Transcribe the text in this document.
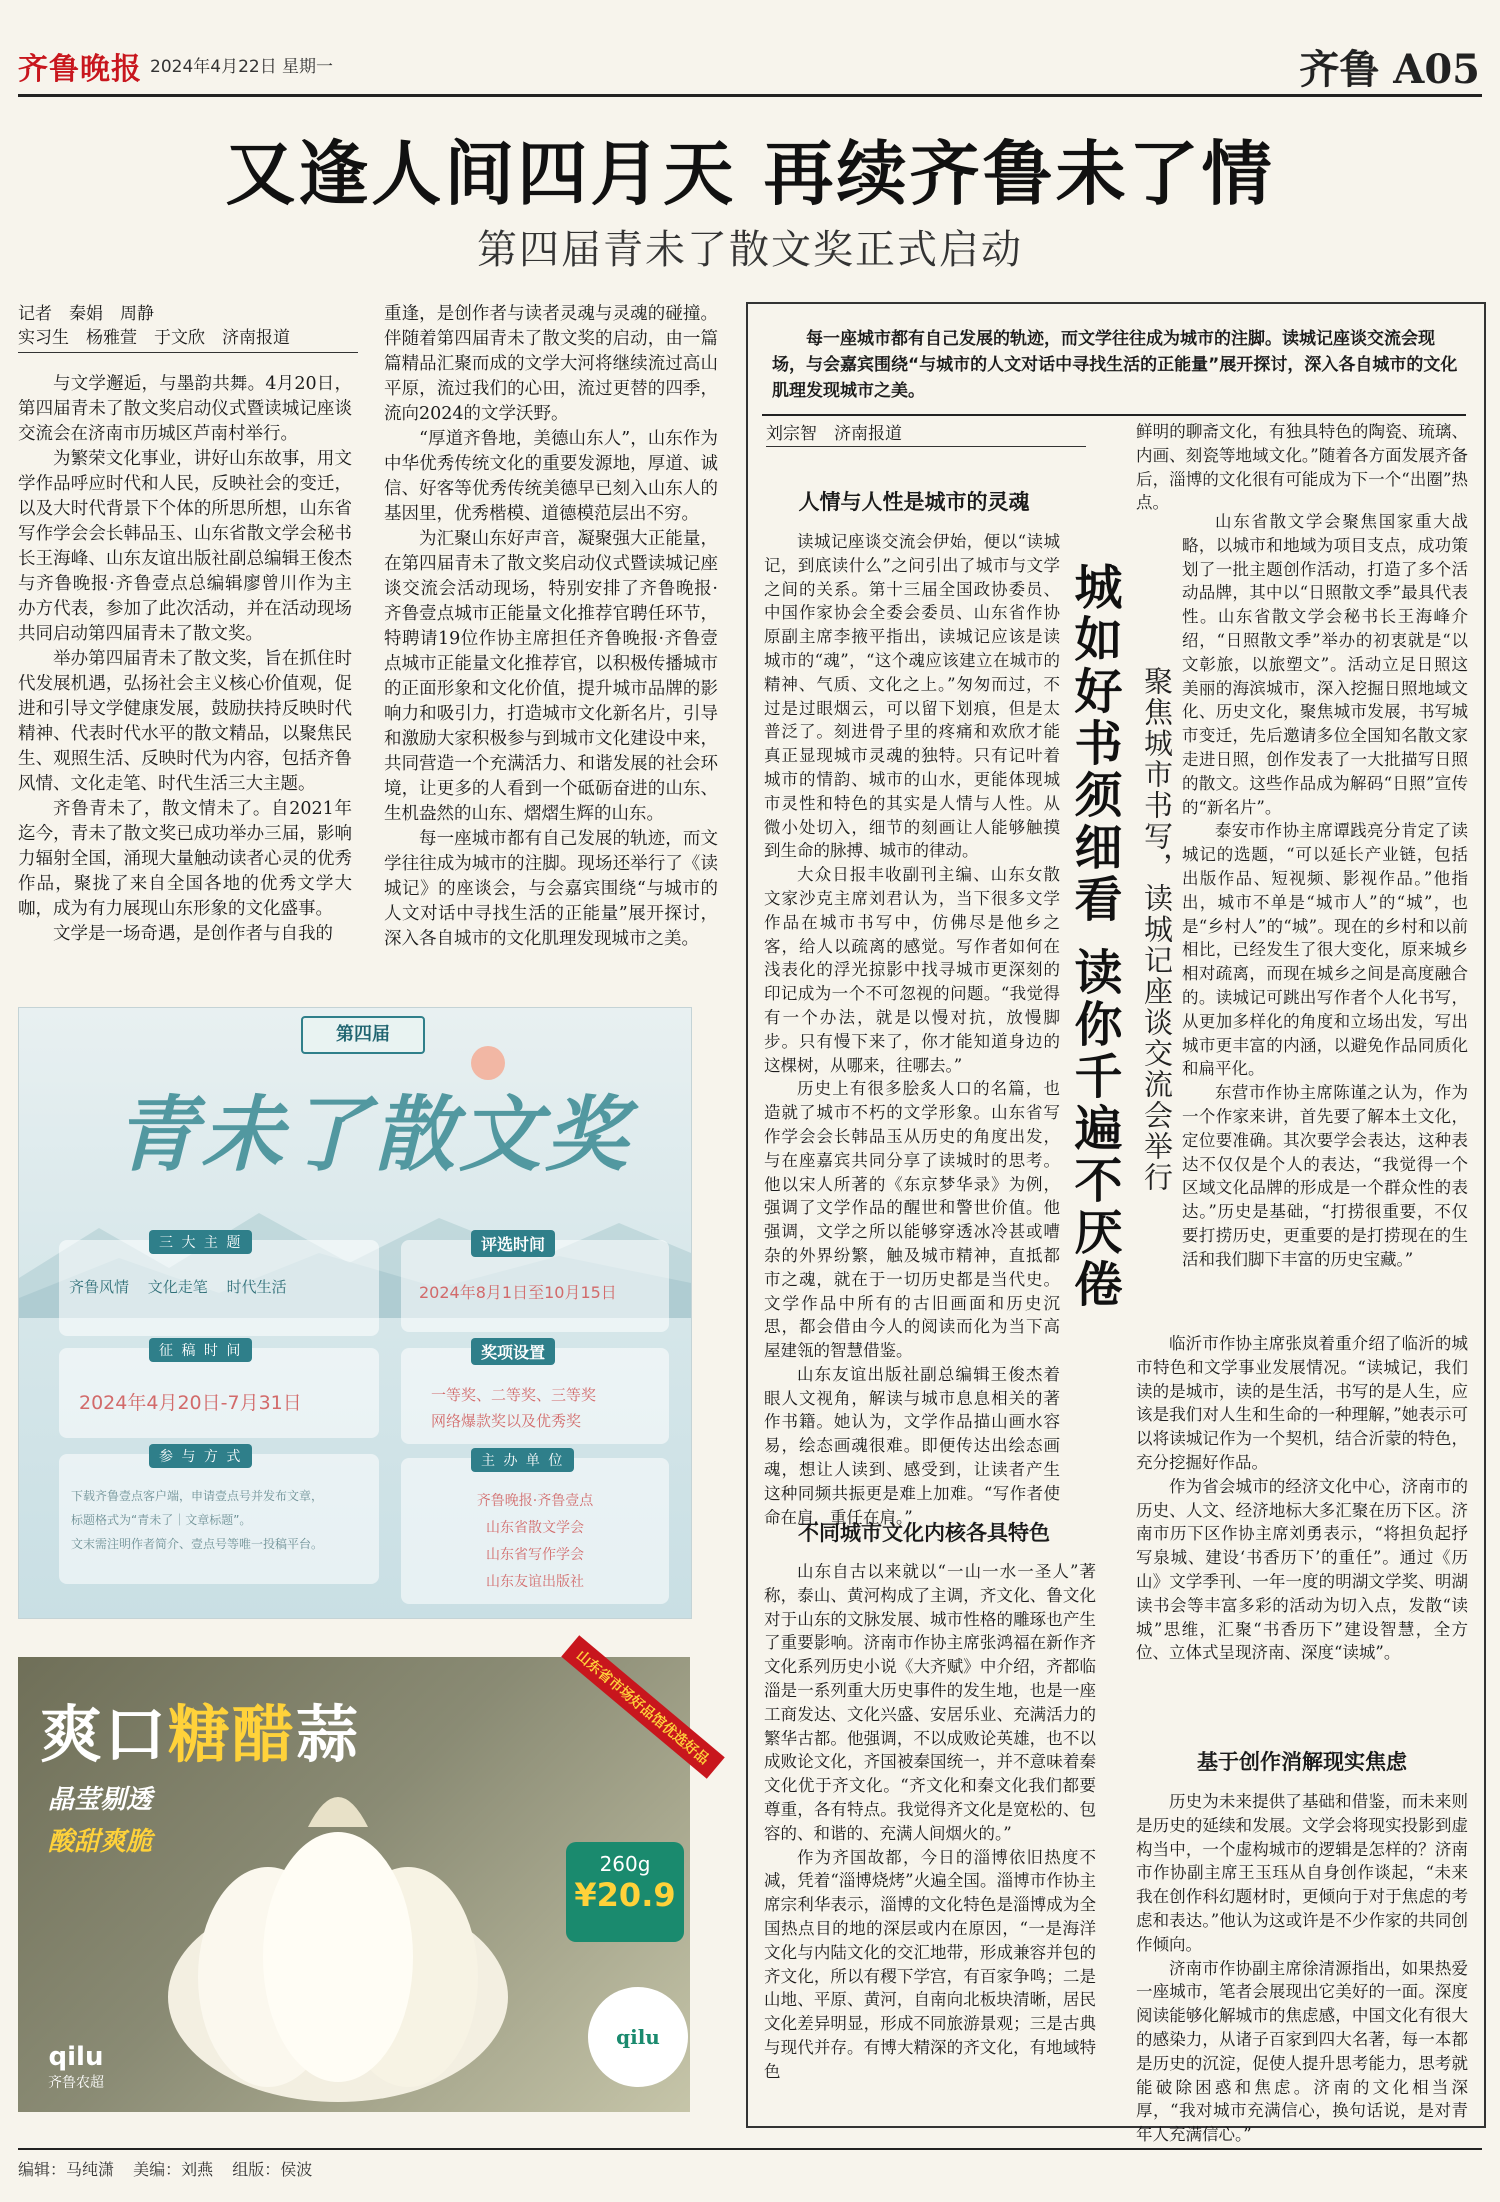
齐鲁晚报 2024年4月22日 星期一	齐鲁 A05
又逢人间四月天 再续齐鲁未了情
第四届青未了散文奖正式启动
记者　秦娟　周静
实习生　杨雅萱　于文欣　济南报道

与文学邂逅，与墨韵共舞。4月20日，第四届青未了散文奖启动仪式暨读城记座谈交流会在济南市历城区芦南村举行。

为繁荣文化事业，讲好山东故事，用文学作品呼应时代和人民，反映社会的变迁，以及大时代背景下个体的所思所想，山东省写作学会会长韩品玉、山东省散文学会秘书长王海峰、山东友谊出版社副总编辑王俊杰与齐鲁晚报·齐鲁壹点总编辑廖曾川作为主办方代表，参加了此次活动，并在活动现场共同启动第四届青未了散文奖。

举办第四届青未了散文奖，旨在抓住时代发展机遇，弘扬社会主义核心价值观，促进和引导文学健康发展，鼓励扶持反映时代精神、代表时代水平的散文精品，以聚焦民生、观照生活、反映时代为内容，包括齐鲁风情、文化走笔、时代生活三大主题。

齐鲁青未了，散文情未了。自2021年迄今，青未了散文奖已成功举办三届，影响力辐射全国，涌现大量触动读者心灵的优秀作品，聚拢了来自全国各地的优秀文学大咖，成为有力展现山东形象的文化盛事。

文学是一场奇遇，是创作者与自我的

重逢，是创作者与读者灵魂与灵魂的碰撞。伴随着第四届青未了散文奖的启动，由一篇篇精品汇聚而成的文学大河将继续流过高山平原，流过我们的心田，流过更替的四季，流向2024的文学沃野。

“厚道齐鲁地，美德山东人”，山东作为中华优秀传统文化的重要发源地，厚道、诚信、好客等优秀传统美德早已刻入山东人的基因里，优秀楷模、道德模范层出不穷。

为汇聚山东好声音，凝聚强大正能量，在第四届青未了散文奖启动仪式暨读城记座谈交流会活动现场，特别安排了齐鲁晚报·齐鲁壹点城市正能量文化推荐官聘任环节，特聘请19位作协主席担任齐鲁晚报·齐鲁壹点城市正能量文化推荐官，以积极传播城市的正面形象和文化价值，提升城市品牌的影响力和吸引力，打造城市文化新名片，引导和激励大家积极参与到城市文化建设中来，共同营造一个充满活力、和谐发展的社会环境，让更多的人看到一个砥砺奋进的山东、生机盎然的山东、熠熠生辉的山东。

每一座城市都有自己发展的轨迹，而文学往往成为城市的注脚。现场还举行了《读城记》的座谈会，与会嘉宾围绕“与城市的人文对话中寻找生活的正能量”展开探讨，深入各自城市的文化肌理发现城市之美。

第四届
青未了散文奖
三 大 主 题
齐鲁风情 文化走笔 时代生活
征 稿 时 间
2024年4月20日-7月31日
参 与 方 式
下载齐鲁壹点客户端，申请壹点号并发布文章，
标题格式为“青未了｜文章标题”。
文末需注明作者简介、壹点号等唯一投稿平台。
评选时间
2024年8月1日至10月15日
奖项设置
一等奖、二等奖、三等奖
网络爆款奖以及优秀奖
主 办 单 位
齐鲁晚报·齐鲁壹点
山东省散文学会
山东省写作学会
山东友谊出版社
爽口糖醋蒜
晶莹剔透
酸甜爽脆
山东省市场好品馆优选好品
260g
¥20.9
qilu
qilu
齐鲁农超
每一座城市都有自己发展的轨迹，而文学往往成为城市的注脚。读城记座谈交流会现场，与会嘉宾围绕“与城市的人文对话中寻找生活的正能量”展开探讨，深入各自城市的文化肌理发现城市之美。
刘宗智　济南报道
城如好书须细看 读你千遍不厌倦 聚焦城市书写，读城记座谈交流会举行
人情与人性是城市的灵魂

读城记座谈交流会伊始，便以“读城记，到底读什么”之问引出了城市与文学之间的关系。第十三届全国政协委员、中国作家协会全委会委员、山东省作协原副主席李掖平指出，读城记应该是读城市的“魂”，“这个魂应该建立在城市的精神、气质、文化之上。”匆匆而过，不过是过眼烟云，可以留下划痕，但是太普泛了。刻进骨子里的疼痛和欢欣才能真正显现城市灵魂的独特。只有记叶着城市的情韵、城市的山水，更能体现城市灵性和特色的其实是人情与人性。从微小处切入，细节的刻画让人能够触摸到生命的脉搏、城市的律动。

大众日报丰收副刊主编、山东女散文家沙克主席刘君认为，当下很多文学作品在城市书写中，仿佛尽是他乡之客，给人以疏离的感觉。写作者如何在浅表化的浮光掠影中找寻城市更深刻的印记成为一个不可忽视的问题。“我觉得有一个办法，就是以慢对抗，放慢脚步。只有慢下来了，你才能知道身边的这棵树，从哪来，往哪去。”

历史上有很多脍炙人口的名篇，也造就了城市不朽的文学形象。山东省写作学会会长韩品玉从历史的角度出发，与在座嘉宾共同分享了读城时的思考。他以宋人所著的《东京梦华录》为例，强调了文学作品的醒世和警世价值。他强调，文学之所以能够穿透冰冷甚或嘈杂的外界纷繁，触及城市精神，直抵都市之魂，就在于一切历史都是当代史。文学作品中所有的古旧画面和历史沉思，都会借由今人的阅读而化为当下高屋建瓴的智慧借鉴。

山东友谊出版社副总编辑王俊杰着眼人文视角，解读与城市息息相关的著作书籍。她认为，文学作品描山画水容易，绘态画魂很难。即便传达出绘态画魂，想让人读到、感受到，让读者产生这种同频共振更是难上加难。“写作者使命在肩，重任在肩。”

不同城市文化内核各具特色

山东自古以来就以“一山一水一圣人”著称，泰山、黄河构成了主调，齐文化、鲁文化对于山东的文脉发展、城市性格的雕琢也产生了重要影响。济南市作协主席张鸿福在新作齐文化系列历史小说《大齐赋》中介绍，齐都临淄是一系列重大历史事件的发生地，也是一座工商发达、文化兴盛、安居乐业、充满活力的繁华古都。他强调，不以成败论英雄，也不以成败论文化，齐国被秦国统一，并不意味着秦文化优于齐文化。“齐文化和秦文化我们都要尊重，各有特点。我觉得齐文化是宽松的、包容的、和谐的、充满人间烟火的。”

作为齐国故都，今日的淄博依旧热度不减，凭着“淄博烧烤”火遍全国。淄博市作协主席宗利华表示，淄博的文化特色是淄博成为全国热点目的地的深层或内在原因，“一是海洋文化与内陆文化的交汇地带，形成兼容并包的齐文化，所以有稷下学宫，有百家争鸣；二是山地、平原、黄河，自南向北板块清晰，居民文化差异明显，形成不同旅游景观；三是古典与现代并存。有博大精深的齐文化，有地域特色

鲜明的聊斋文化，有独具特色的陶瓷、琉璃、内画、刻瓷等地域文化。”随着各方面发展齐备后，淄博的文化很有可能成为下一个“出圈”热点。

山东省散文学会聚焦国家重大战略，以城市和地域为项目支点，成功策划了一批主题创作活动，打造了多个活动品牌，其中以“日照散文季”最具代表性。山东省散文学会秘书长王海峰介绍，“日照散文季”举办的初衷就是“以文彰旅，以旅塑文”。活动立足日照这美丽的海滨城市，深入挖掘日照地域文化、历史文化，聚焦城市发展，书写城市变迁，先后邀请多位全国知名散文家走进日照，创作发表了一大批描写日照的散文。这些作品成为解码“日照”宣传的“新名片”。

泰安市作协主席谭践亮分肯定了读城记的选题，“可以延长产业链，包括出版作品、短视频、影视作品。”他指出，城市不单是“城市人”的“城”，也是“乡村人”的“城”。现在的乡村和以前相比，已经发生了很大变化，原来城乡相对疏离，而现在城乡之间是高度融合的。读城记可跳出写作者个人化书写，从更加多样化的角度和立场出发，写出城市更丰富的内涵，以避免作品同质化和扁平化。

东营市作协主席陈谨之认为，作为一个作家来讲，首先要了解本土文化，定位要准确。其次要学会表达，这种表达不仅仅是个人的表达，“我觉得一个区域文化品牌的形成是一个群众性的表达。”历史是基础，“打捞很重要，不仅要打捞历史，更重要的是打捞现在的生活和我们脚下丰富的历史宝藏。”

临沂市作协主席张岚着重介绍了临沂的城市特色和文学事业发展情况。“读城记，我们读的是城市，读的是生活，书写的是人生，应该是我们对人生和生命的一种理解，”她表示可以将读城记作为一个契机，结合沂蒙的特色，充分挖掘好作品。

作为省会城市的经济文化中心，济南市的历史、人文、经济地标大多汇聚在历下区。济南市历下区作协主席刘勇表示，“将担负起抒写泉城、建设‘书香历下’的重任”。通过《历山》文学季刊、一年一度的明湖文学奖、明湖读书会等丰富多彩的活动为切入点，发散“读城”思维，汇聚“书香历下”建设智慧，全方位、立体式呈现济南、深度“读城”。

基于创作消解现实焦虑

历史为未来提供了基础和借鉴，而未来则是历史的延续和发展。文学会将现实投影到虚构当中，一个虚构城市的逻辑是怎样的？济南市作协副主席王玉珏从自身创作谈起，“未来我在创作科幻题材时，更倾向于对于焦虑的考虑和表达。”他认为这或许是不少作家的共同创作倾向。

济南市作协副主席徐清源指出，如果热爱一座城市，笔者会展现出它美好的一面。深度阅读能够化解城市的焦虑感，中国文化有很大的感染力，从诸子百家到四大名著，每一本都是历史的沉淀，促使人提升思考能力，思考就能破除困惑和焦虑。济南的文化相当深厚，“我对城市充满信心，换句话说，是对青年人充满信心。”

编辑：马纯潇 美编：刘燕 组版：侯波
